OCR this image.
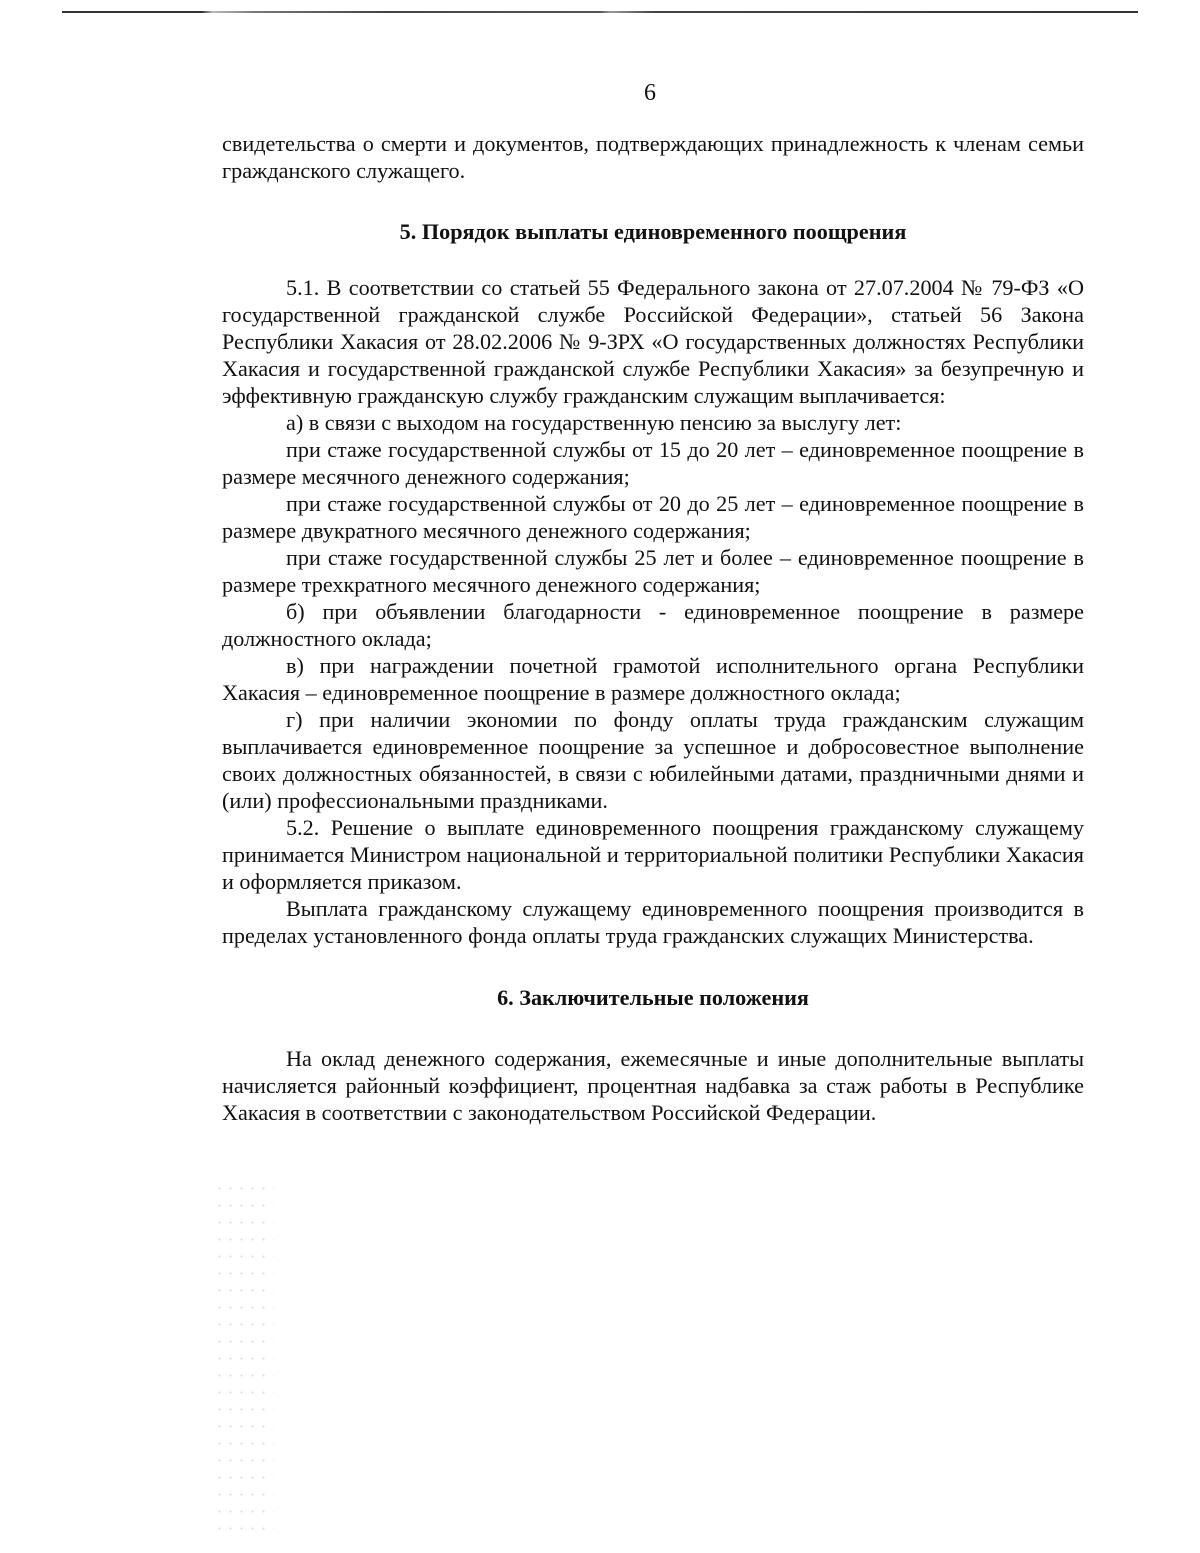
6

свидетельства о смерти и документов, подтверждающих принадлежность к членам семьи гражданского служащего.

5. Порядок выплаты единовременного поощрения

5.1. В соответствии со статьей 55 Федерального закона от 27.07.2004 № 79-ФЗ «О государственной гражданской службе Российской Федерации», статьей 56 Закона Республики Хакасия от 28.02.2006 № 9-ЗРХ «О государственных должностях Республики Хакасия и государственной гражданской службе Республики Хакасия» за безупречную и эффективную гражданскую службу гражданским служащим выплачивается:

а) в связи с выходом на государственную пенсию за выслугу лет:

при стаже государственной службы от 15 до 20 лет – единовременное поощрение в размере месячного денежного содержания;

при стаже государственной службы от 20 до 25 лет – единовременное поощрение в размере двукратного месячного денежного содержания;

при стаже государственной службы 25 лет и более – единовременное поощрение в размере трехкратного месячного денежного содержания;

б) при объявлении благодарности - единовременное поощрение в размере должностного оклада;

в) при награждении почетной грамотой исполнительного органа Республики Хакасия – единовременное поощрение в размере должностного оклада;

г) при наличии экономии по фонду оплаты труда гражданским служащим выплачивается единовременное поощрение за успешное и добросовестное выполнение своих должностных обязанностей, в связи с юбилейными датами, праздничными днями и (или) профессиональными праздниками.

5.2. Решение о выплате единовременного поощрения гражданскому служащему принимается Министром национальной и территориальной политики Республики Хакасия и оформляется приказом.

Выплата гражданскому служащему единовременного поощрения производится в пределах установленного фонда оплаты труда гражданских служащих Министерства.

6. Заключительные положения

На оклад денежного содержания, ежемесячные и иные дополнительные выплаты начисляется районный коэффициент, процентная надбавка за стаж работы в Республике Хакасия в соответствии с законодательством Российской Федерации.
